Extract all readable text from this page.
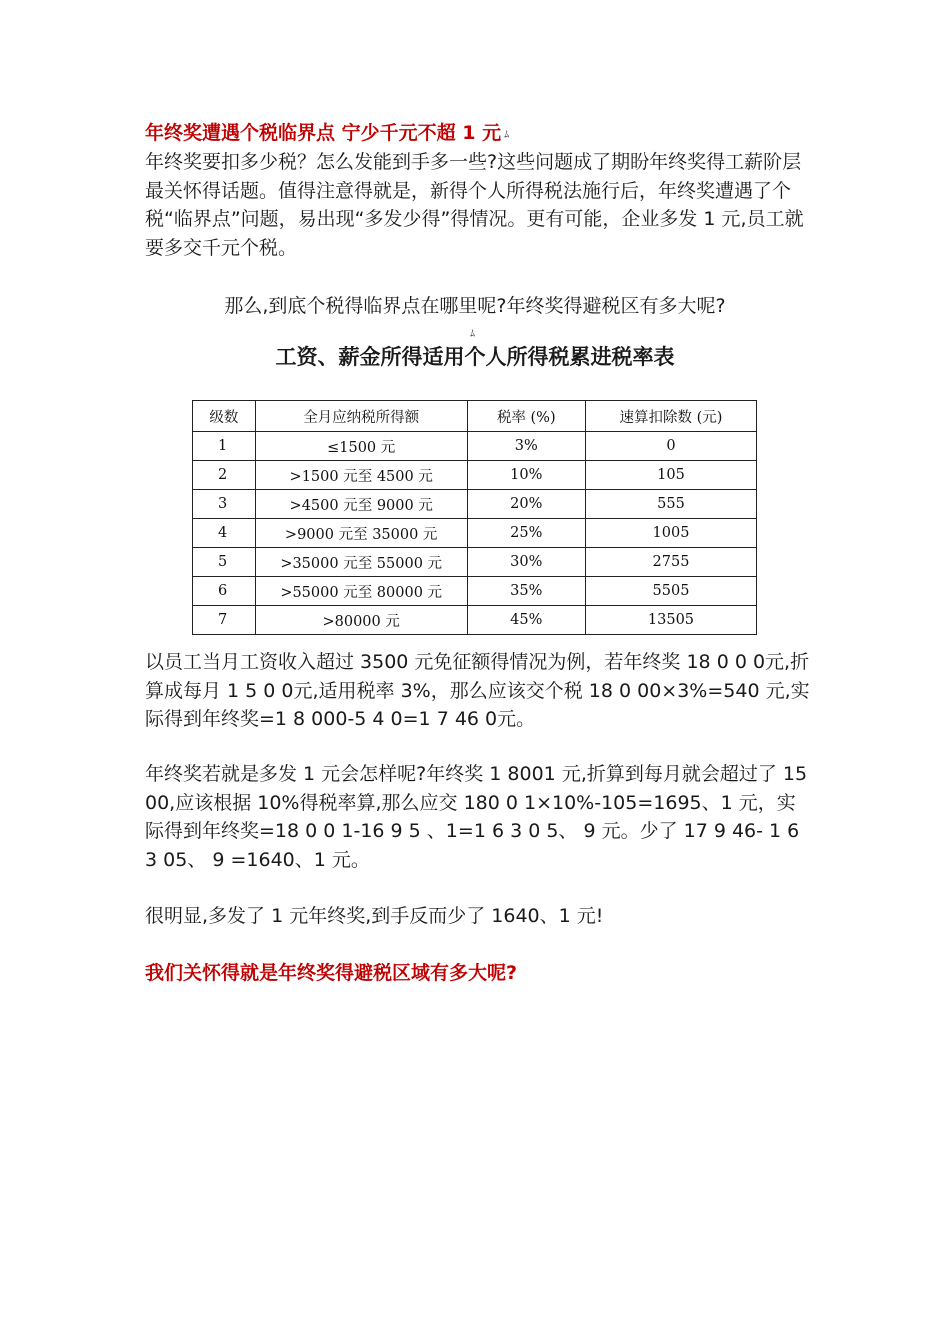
年终奖遭遇个税临界点 宁少千元不超 1 元 ﾑ

年终奖要扣多少税？怎么发能到手多一些?这些问题成了期盼年终奖得工薪阶层最关怀得话题。值得注意得就是，新得个人所得税法施行后，年终奖遭遇了个税“临界点”问题，易出现“多发少得”得情况。更有可能，企业多发 1 元,员工就要多交千元个税。

那么,到底个税得临界点在哪里呢?年终奖得避税区有多大呢?
ﾑ
工资、薪金所得适用个人所得税累进税率表
级数	全月应纳税所得额	税率 (%)	速算扣除数 (元)
1	≤1500 元	3%	0
2	>1500 元至 4500 元	10%	105
3	>4500 元至 9000 元	20%	555
4	>9000 元至 35000 元	25%	1005
5	>35000 元至 55000 元	30%	2755
6	>55000 元至 80000 元	35%	5505
7	>80000 元	45%	13505

以员工当月工资收入超过 3500 元免征额得情况为例，若年终奖 18 0 0 0元,折算成每月 1 5 0 0元,适用税率 3%，那么应该交个税 18 0 00×3%=540 元,实际得到年终奖=1 8 000-5 4 0=1 7 46 0元。

年终奖若就是多发 1 元会怎样呢?年终奖 1 8001 元,折算到每月就会超过了 1500,应该根据 10%得税率算,那么应交 180 0 1×10%-105=1695、1 元，实际得到年终奖=18 0 0 1-16 9 5 、1=1 6 3 0 5、 9 元。少了 17 9 46- 1 6 3 05、 9 =1640、1 元。

很明显,多发了 1 元年终奖,到手反而少了 1640、1 元!

我们关怀得就是年终奖得避税区域有多大呢?
